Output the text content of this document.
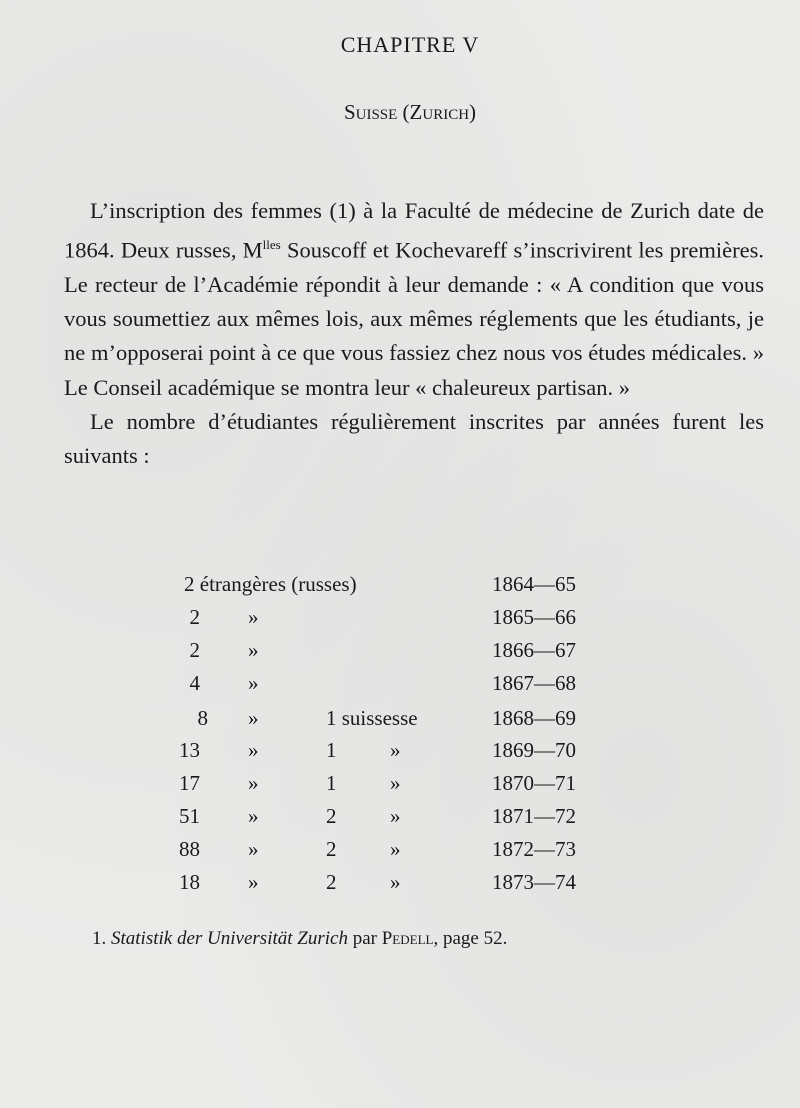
CHAPITRE V
Suisse (Zurich)

L’inscription des femmes (1) à la Faculté de médecine de Zurich date de 1864. Deux russes, $M^{lles}$ Souscoff et Kochevareff s’inscrivirent les premières. Le recteur de l’Académie répondit à leur demande : « A condition que vous vous soumettiez aux mêmes lois, aux mêmes réglements que les étudiants, je ne m’opposerai point à ce que vous fassiez chez nous vos études médicales. » Le Conseil académique se montra leur « chaleureux partisan. »

Le nombre d’étudiantes régulièrement inscrites par années furent les suivants :

2 étrangères (russes)	1864—65
2 »	1865—66
2 »	1866—67
4 »	1867—68
8 »	1 suissesse	1868—69
13 »	1	»	1869—70
17 »	1	»	1870—71
51 »	2	»	1871—72
88 »	2	»	1872—73
18 »	2	»	1873—74
1. Statistik der Universität Zurich par Pedell, page 52.
